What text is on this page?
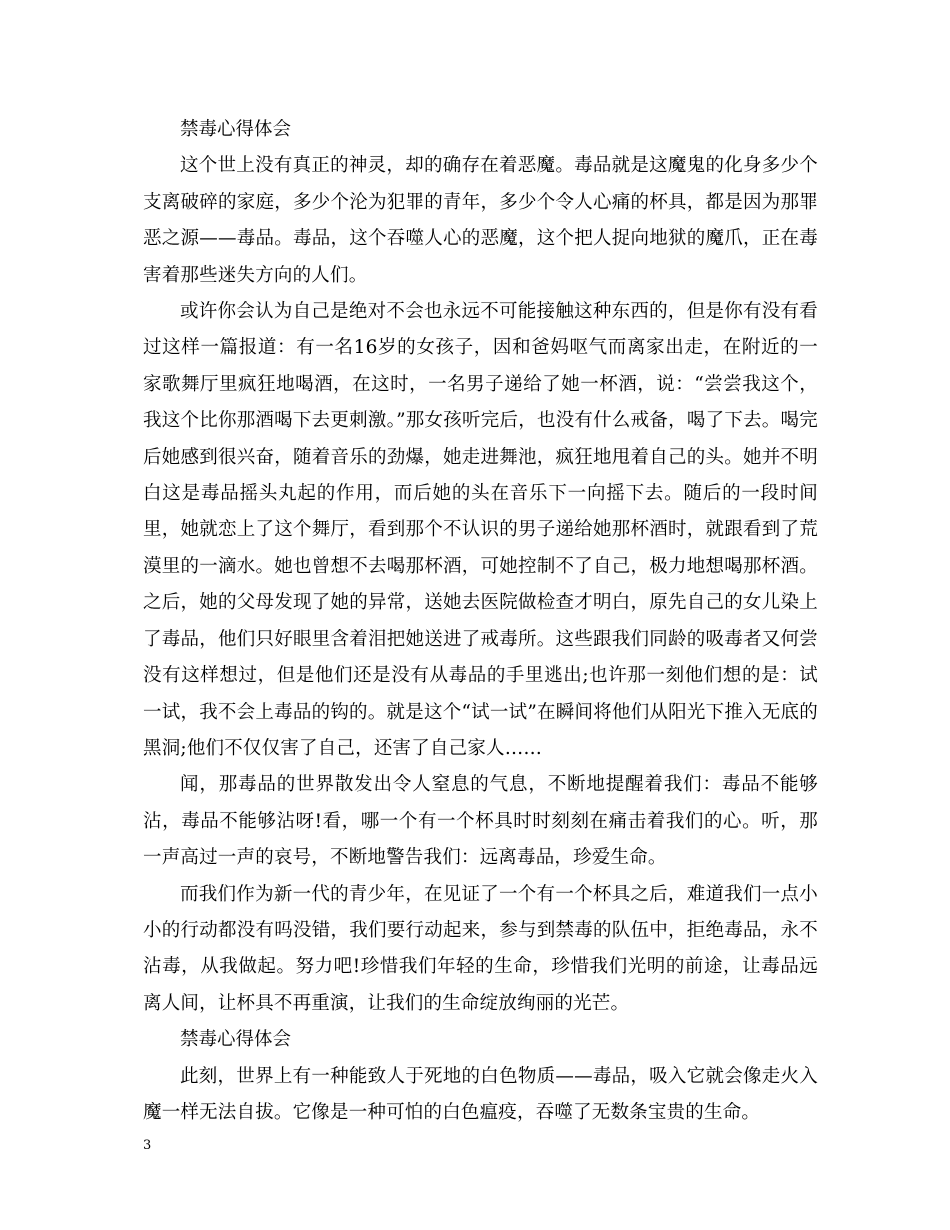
禁毒心得体会

这个世上没有真正的神灵，却的确存在着恶魔。毒品就是这魔鬼的化身多少个支离破碎的家庭，多少个沦为犯罪的青年，多少个令人心痛的杯具，都是因为那罪恶之源——毒品。毒品，这个吞噬人心的恶魔，这个把人捉向地狱的魔爪，正在毒害着那些迷失方向的人们。

或许你会认为自己是绝对不会也永远不可能接触这种东西的，但是你有没有看过这样一篇报道：有一名16岁的女孩子，因和爸妈呕气而离家出走，在附近的一家歌舞厅里疯狂地喝酒，在这时，一名男子递给了她一杯酒，说：“尝尝我这个，我这个比你那酒喝下去更刺激。”那女孩听完后，也没有什么戒备，喝了下去。喝完后她感到很兴奋，随着音乐的劲爆，她走进舞池，疯狂地甩着自己的头。她并不明白这是毒品摇头丸起的作用，而后她的头在音乐下一向摇下去。随后的一段时间里，她就恋上了这个舞厅，看到那个不认识的男子递给她那杯酒时，就跟看到了荒漠里的一滴水。她也曾想不去喝那杯酒，可她控制不了自己，极力地想喝那杯酒。之后，她的父母发现了她的异常，送她去医院做检查才明白，原先自己的女儿染上了毒品，他们只好眼里含着泪把她送进了戒毒所。这些跟我们同龄的吸毒者又何尝没有这样想过，但是他们还是没有从毒品的手里逃出;也许那一刻他们想的是：试一试，我不会上毒品的钩的。就是这个“试一试”在瞬间将他们从阳光下推入无底的黑洞;他们不仅仅害了自己，还害了自己家人……

闻，那毒品的世界散发出令人窒息的气息，不断地提醒着我们：毒品不能够沾，毒品不能够沾呀!看，哪一个有一个杯具时时刻刻在痛击着我们的心。听，那一声高过一声的哀号，不断地警告我们：远离毒品，珍爱生命。

而我们作为新一代的青少年，在见证了一个有一个杯具之后，难道我们一点小小的行动都没有吗没错，我们要行动起来，参与到禁毒的队伍中，拒绝毒品，永不沾毒，从我做起。努力吧!珍惜我们年轻的生命，珍惜我们光明的前途，让毒品远离人间，让杯具不再重演，让我们的生命绽放绚丽的光芒。

禁毒心得体会

此刻，世界上有一种能致人于死地的白色物质——毒品，吸入它就会像走火入魔一样无法自拔。它像是一种可怕的白色瘟疫，吞噬了无数条宝贵的生命。

3
